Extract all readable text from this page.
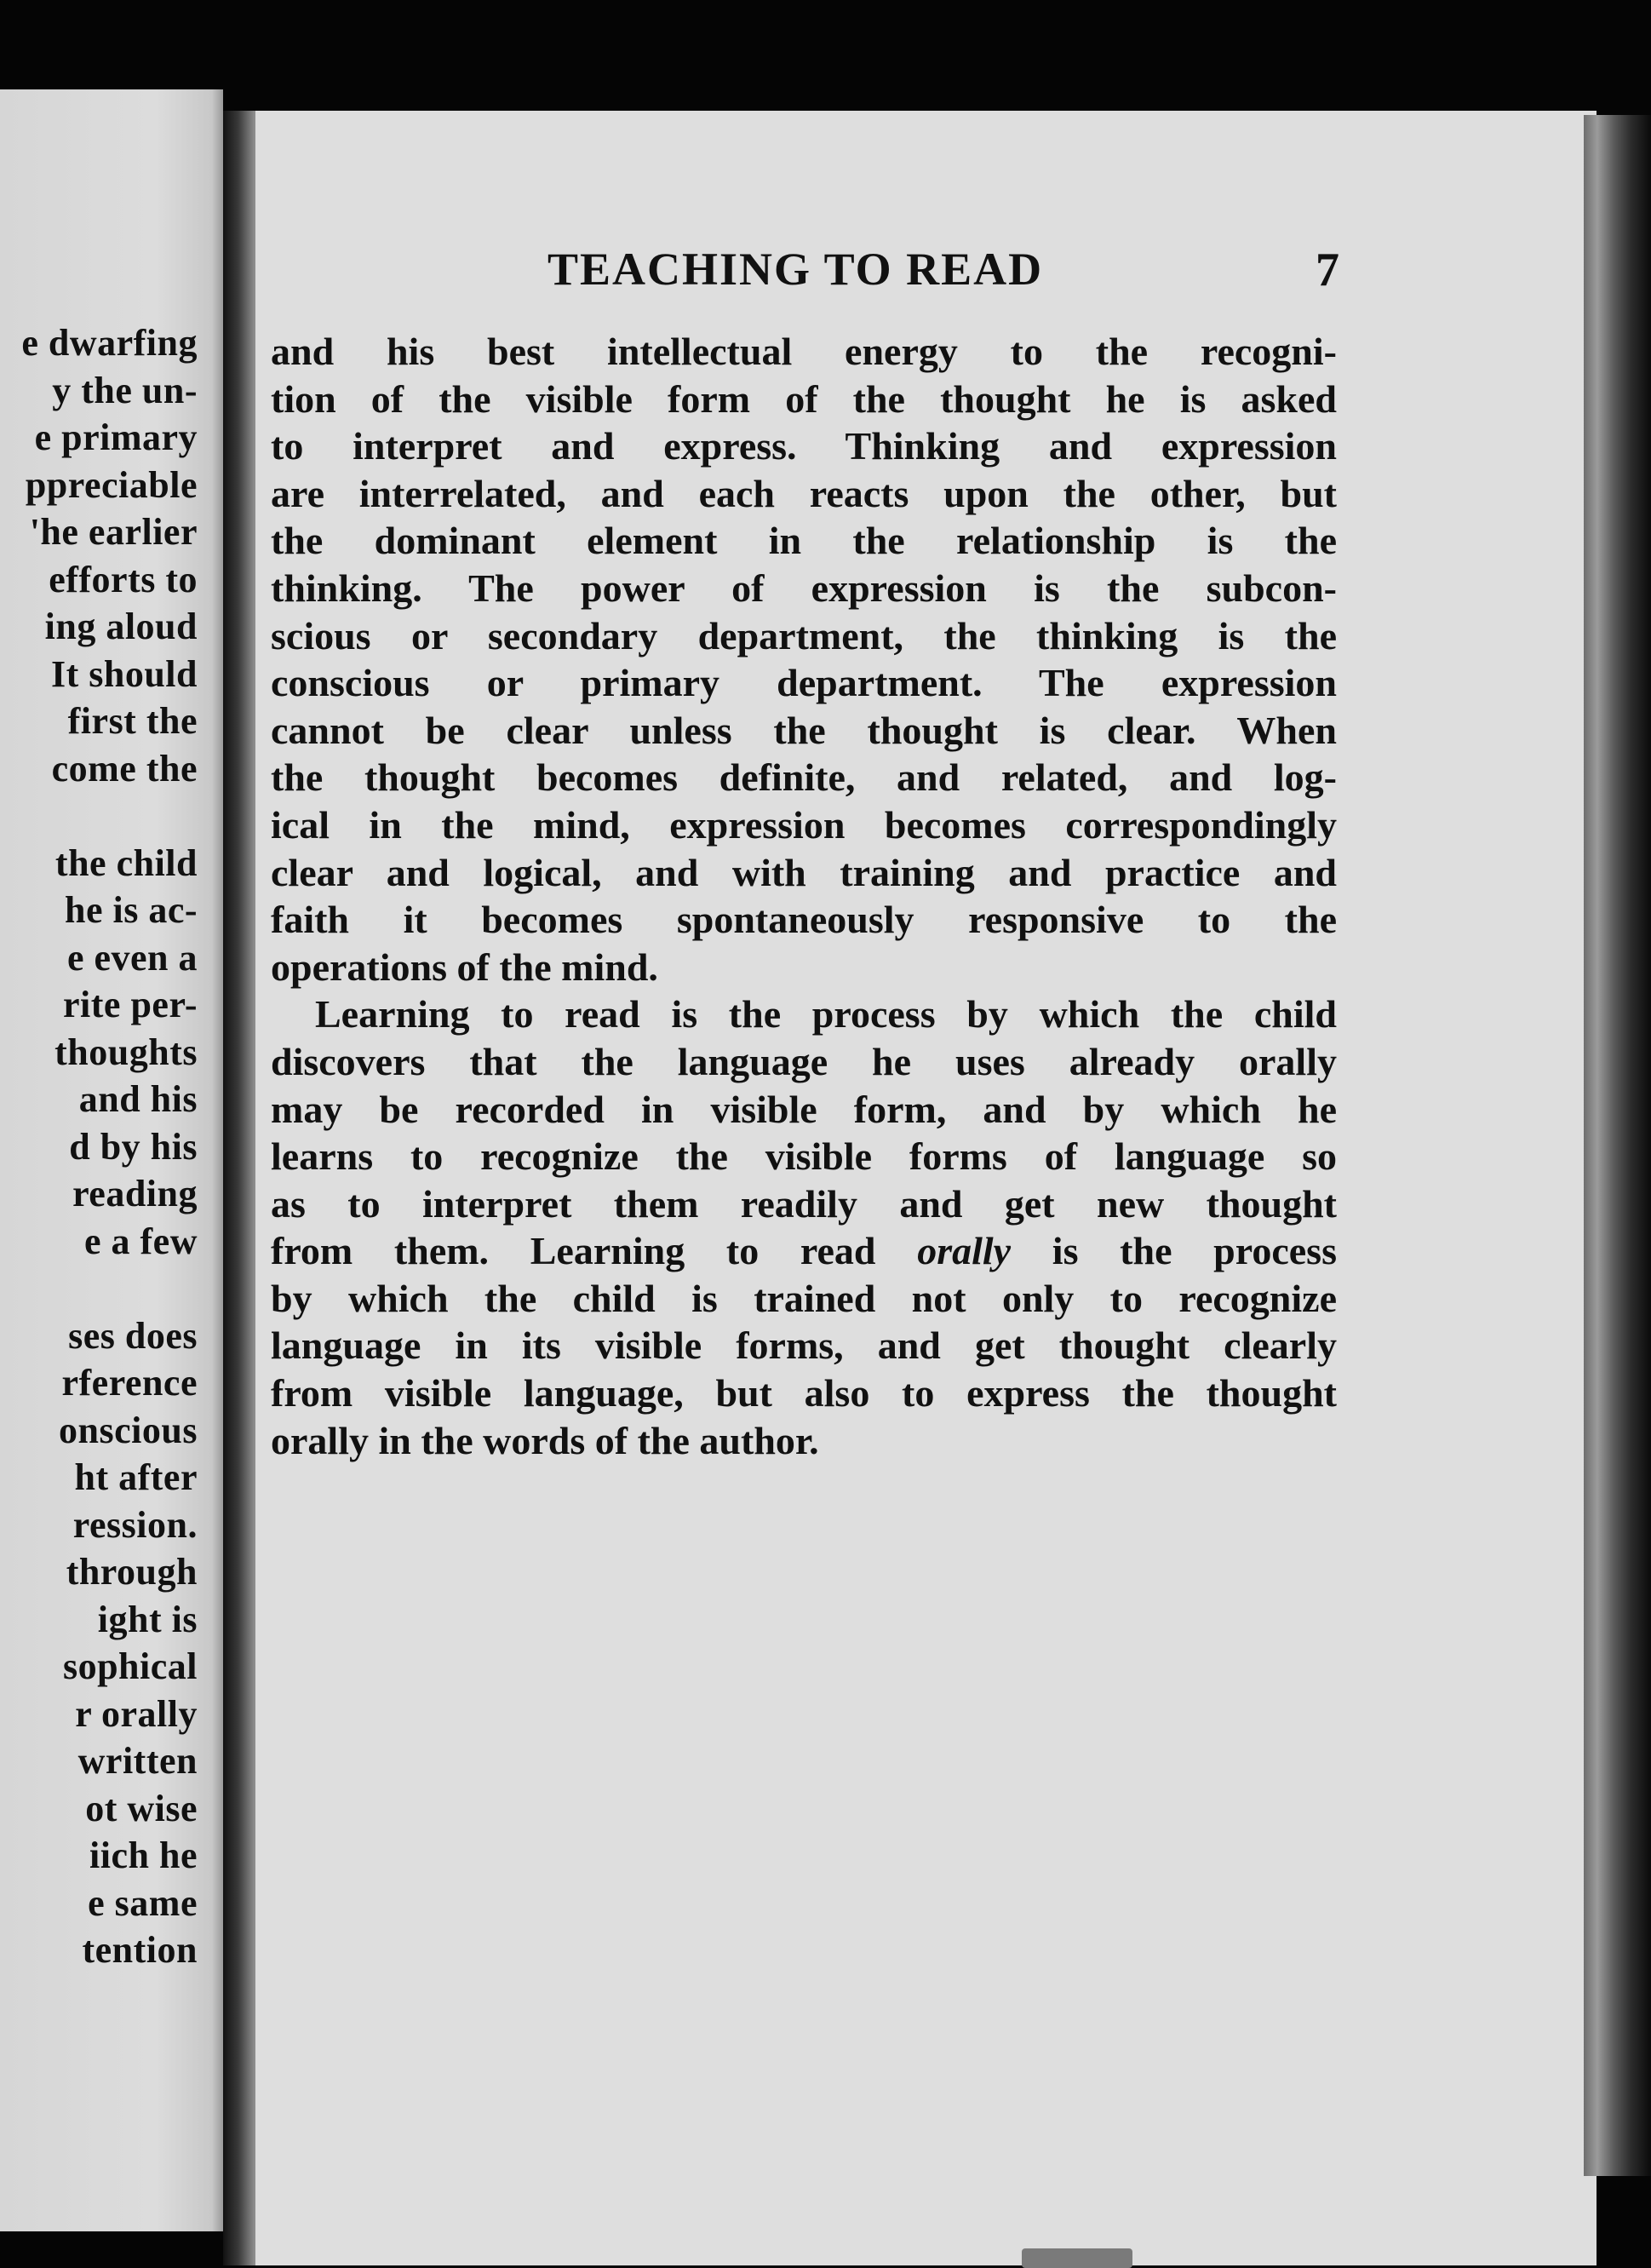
e dwarfing
y the un-
e primary
ppreciable
'he earlier
efforts to
ing aloud
It should
first the
come the
the child
he is ac-
e even a
rite per-
thoughts
and his
d by his
reading
e a few
ses does
rference
onscious
ht after
ression.
through
ight is
sophical
r orally
written
ot wise
iich he
e same
tention
TEACHING TO READ	7
and his best intellectual energy to the recogni-
tion of the visible form of the thought he is asked
to interpret and express. Thinking and expression
are interrelated, and each reacts upon the other, but
the dominant element in the relationship is the
thinking. The power of expression is the subcon-
scious or secondary department, the thinking is the
conscious or primary department. The expression
cannot be clear unless the thought is clear. When
the thought becomes definite, and related, and log-
ical in the mind, expression becomes correspondingly
clear and logical, and with training and practice and
faith it becomes spontaneously responsive to the
operations of the mind.
Learning to read is the process by which the child
discovers that the language he uses already orally
may be recorded in visible form, and by which he
learns to recognize the visible forms of language so
as to interpret them readily and get new thought
from them. Learning to read orally is the process
by which the child is trained not only to recognize
language in its visible forms, and get thought clearly
from visible language, but also to express the thought
orally in the words of the author.
